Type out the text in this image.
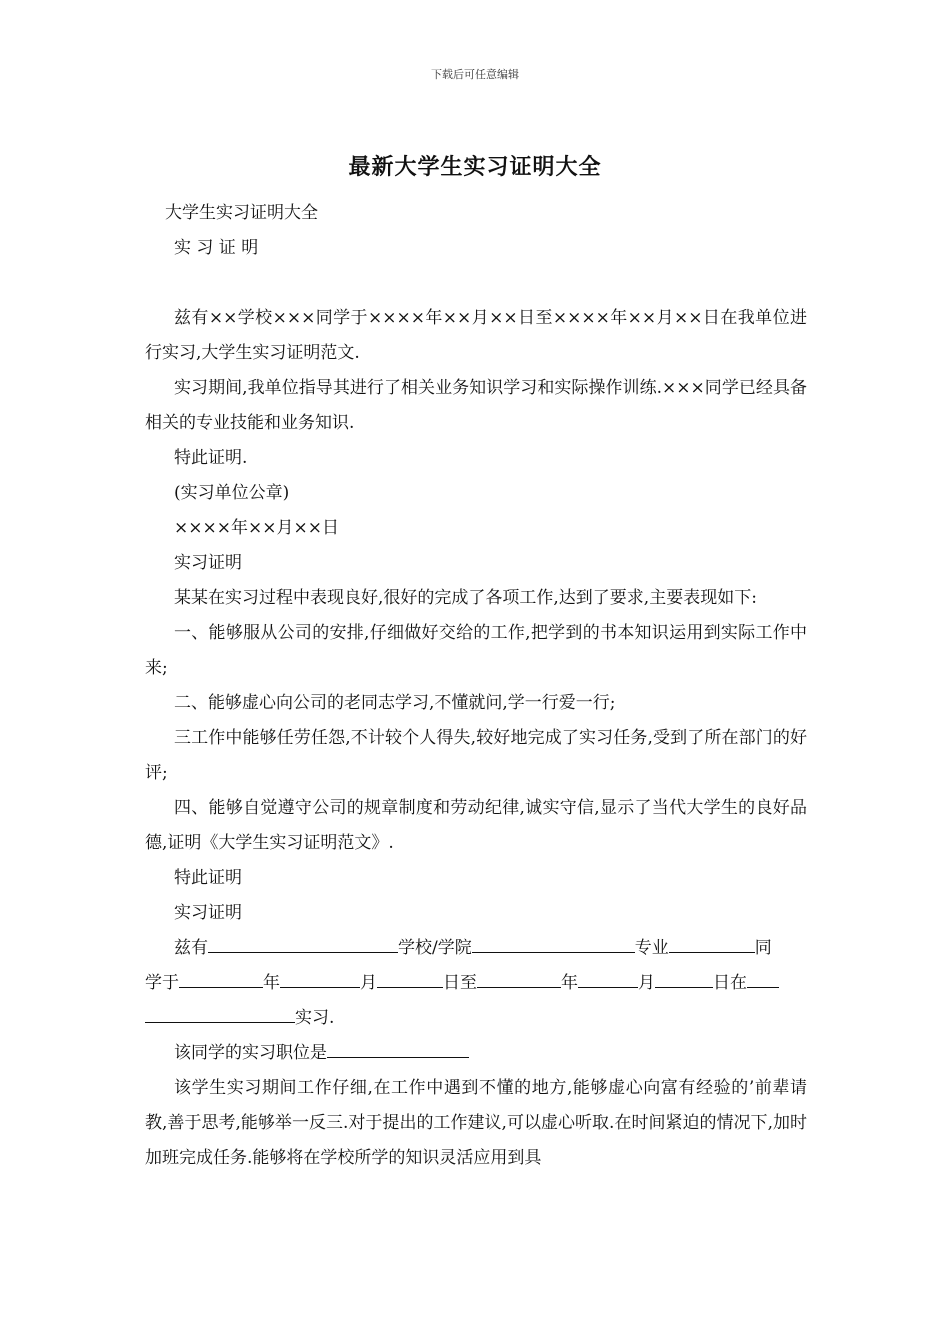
下载后可任意编辑
最新大学生实习证明大全

大学生实习证明大全

实 习 证 明

兹有××学校×××同学于××××年××月××日至××××年××月××日在我单位进行实习,大学生实习证明范文.

实习期间,我单位指导其进行了相关业务知识学习和实际操作训练.×××同学已经具备相关的专业技能和业务知识.

特此证明.

(实习单位公章)

××××年××月××日

实习证明

某某在实习过程中表现良好,很好的完成了各项工作,达到了要求,主要表现如下:

一、能够服从公司的安排,仔细做好交给的工作,把学到的书本知识运用到实际工作中来;

二、能够虚心向公司的老同志学习,不懂就问,学一行爱一行;

三工作中能够任劳任怨,不计较个人得失,较好地完成了实习任务,受到了所在部门的好评;

四、能够自觉遵守公司的规章制度和劳动纪律,诚实守信,显示了当代大学生的良好品德,证明《大学生实习证明范文》.

特此证明

实习证明

兹有	学校/学院	专业	同

学于	年	月	日至	年	月	日在

实习.

该同学的实习职位是

该学生实习期间工作仔细,在工作中遇到不懂的地方,能够虚心向富有经验的’前辈请教,善于思考,能够举一反三.对于提出的工作建议,可以虚心听取.在时间紧迫的情况下,加时加班完成任务.能够将在学校所学的知识灵活应用到具
